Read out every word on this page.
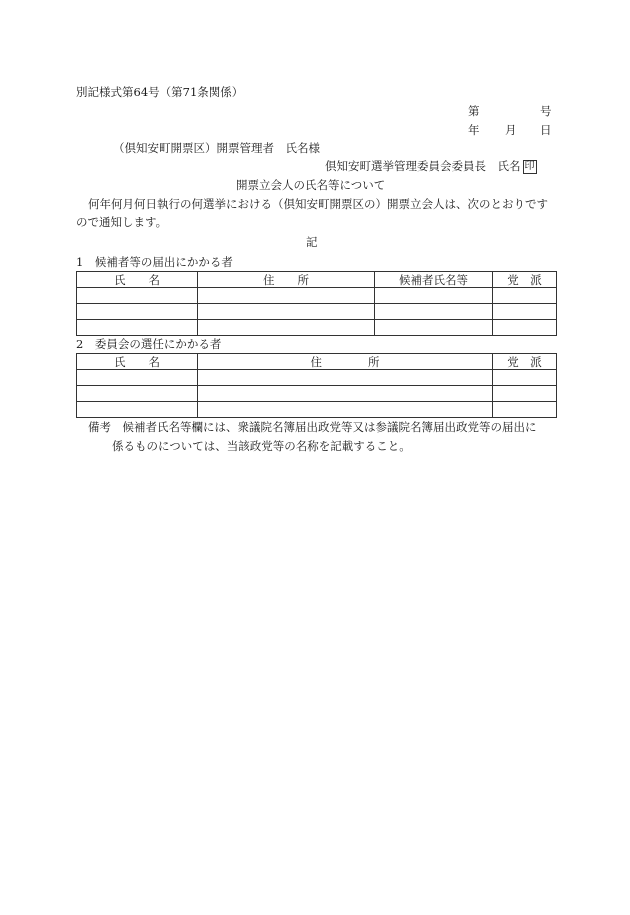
別記様式第64号（第71条関係）
第	号
年 月 日
（倶知安町開票区）開票管理者　氏名様
倶知安町選挙管理委員会委員長　氏名 印
開票立会人の氏名等について
何年何月何日執行の何選挙における（倶知安町開票区の）開票立会人は、次のとおりです
ので通知します。
記
1　候補者等の届出にかかる者
氏　　名	住　　所	候補者氏名等	党　派

2　委員会の選任にかかる者
氏　　名	住　　　　所	党　派

備考　候補者氏名等欄には、衆議院名簿届出政党等又は参議院名簿届出政党等の届出に
係るものについては、当該政党等の名称を記載すること。
